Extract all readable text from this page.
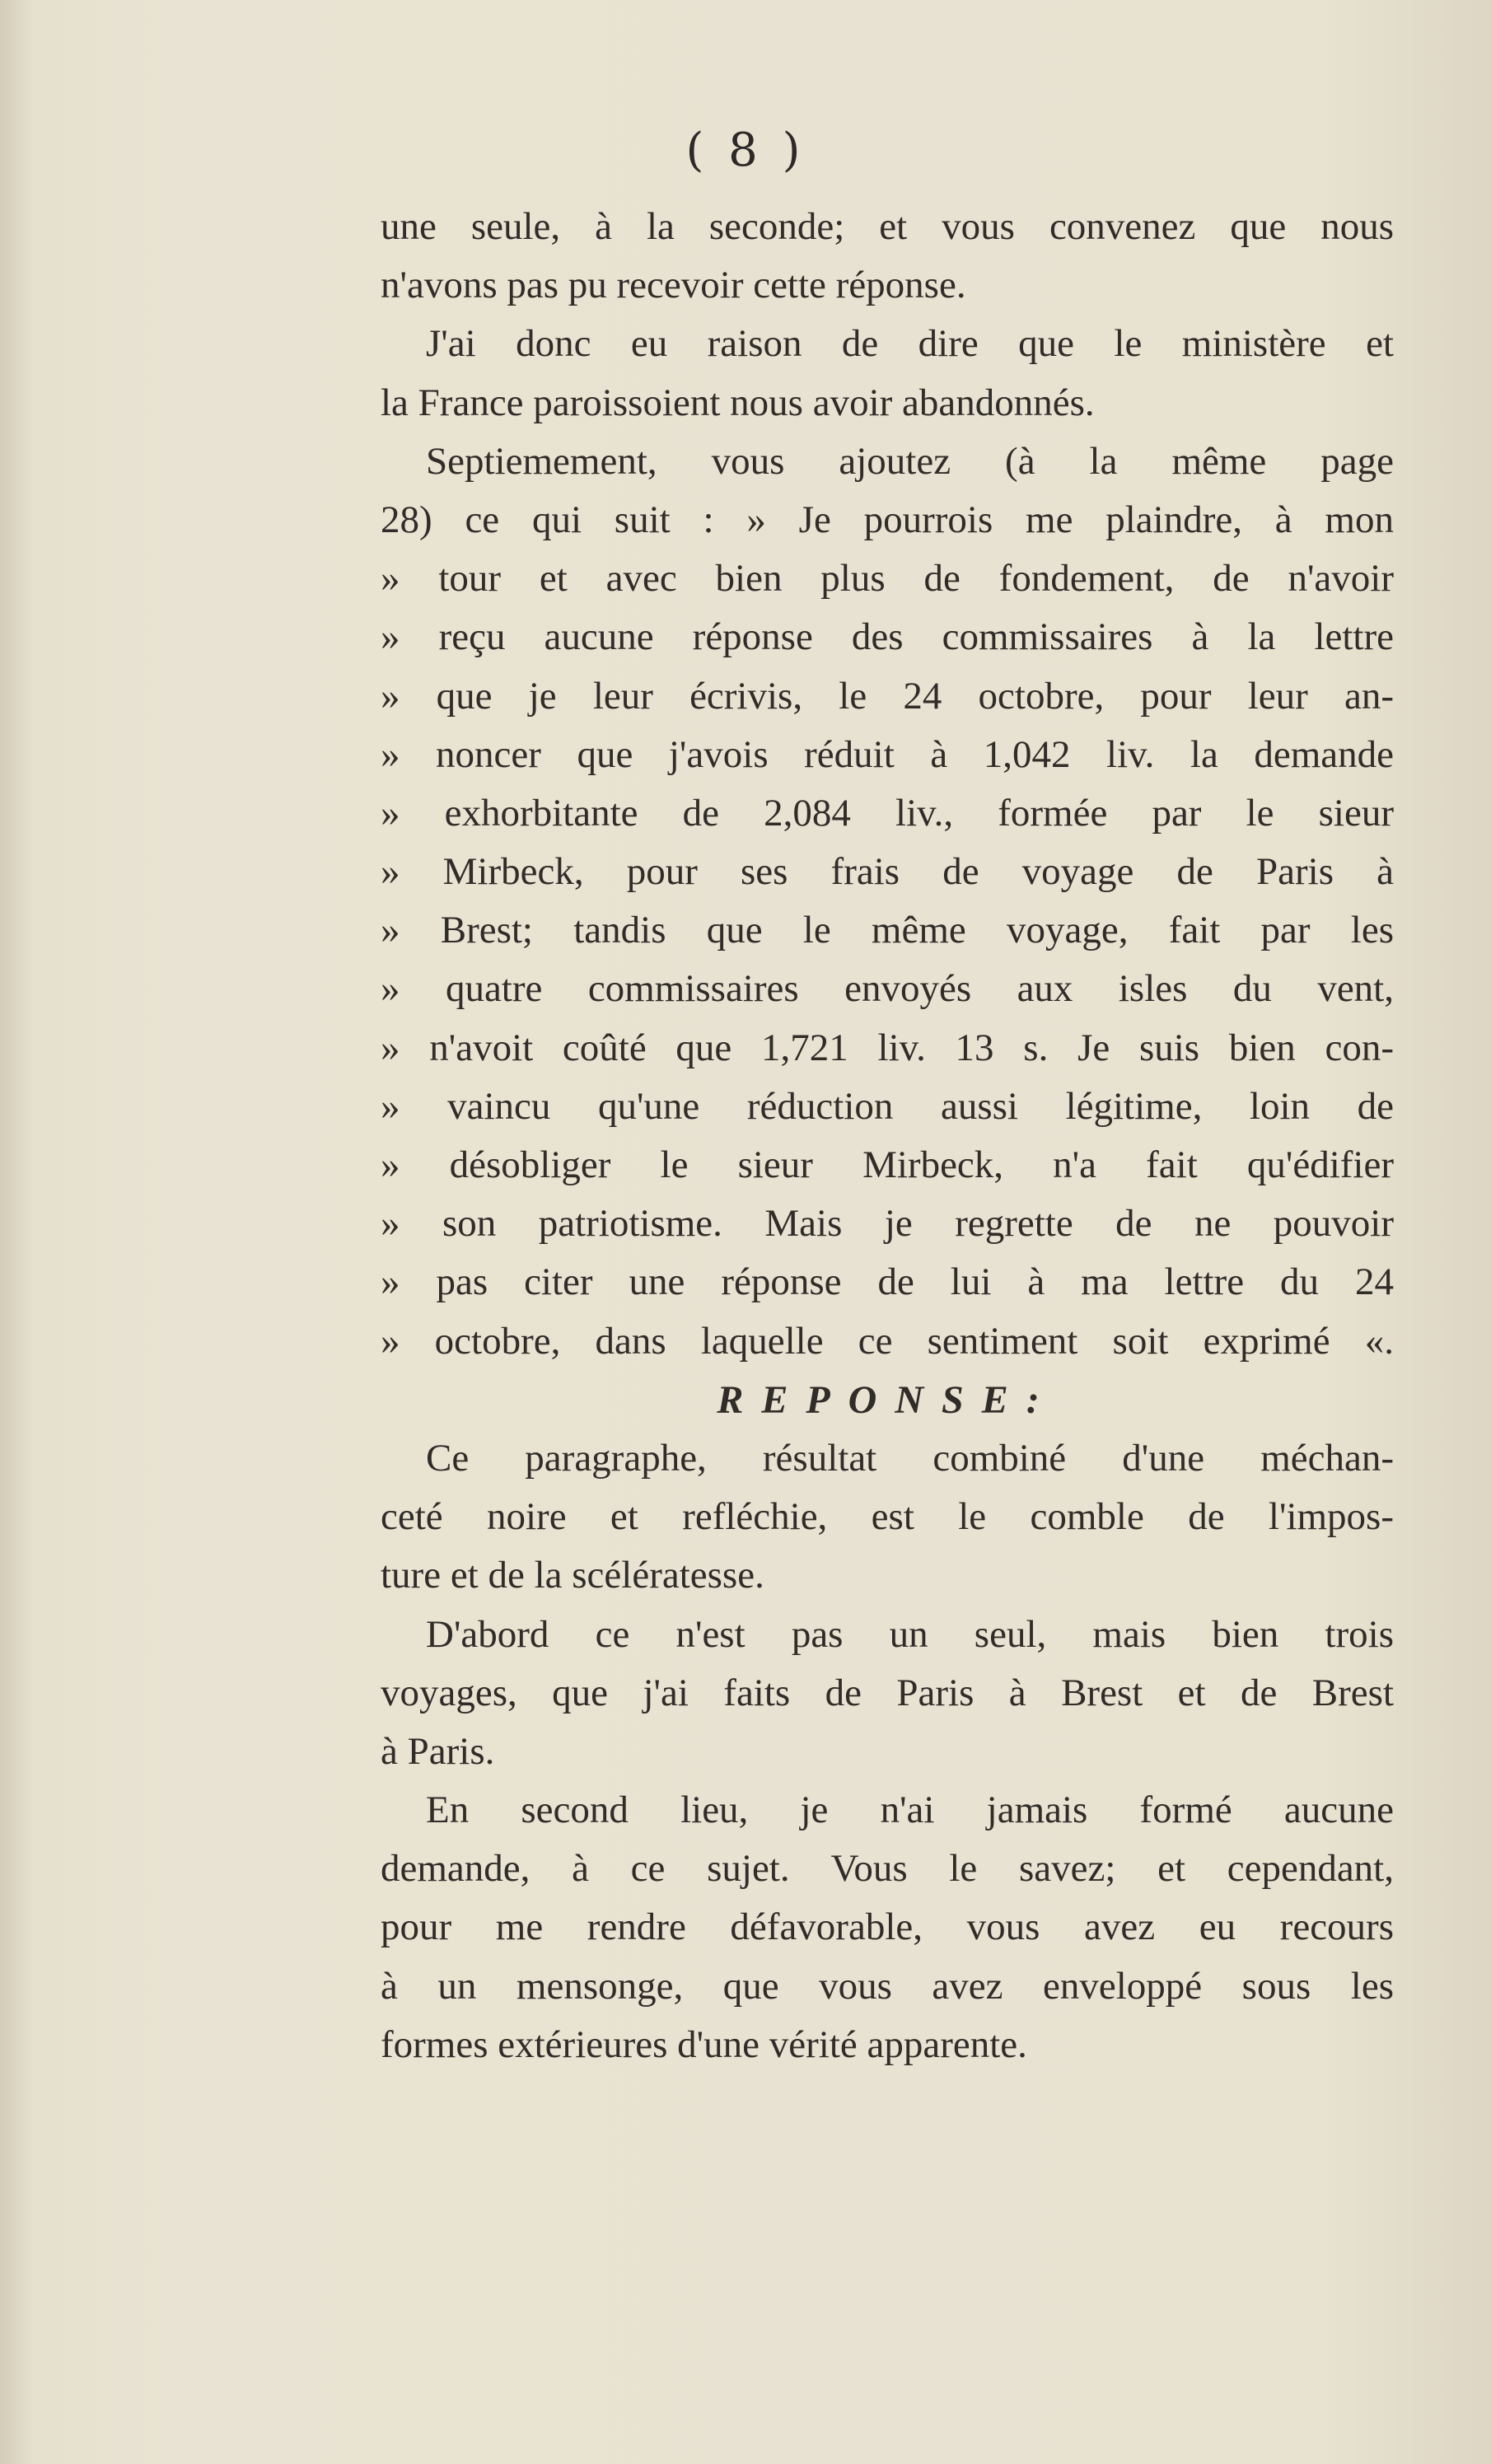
( 8 )
une seule, à la seconde; et vous convenez que nous
n'avons pas pu recevoir cette réponse.
J'ai donc eu raison de dire que le ministère et
la France paroissoient nous avoir abandonnés.
Septiemement, vous ajoutez (à la même page
28) ce qui suit : » Je pourrois me plaindre, à mon
» tour et avec bien plus de fondement, de n'avoir
» reçu aucune réponse des commissaires à la lettre
» que je leur écrivis, le 24 octobre, pour leur an-
» noncer que j'avois réduit à 1,042 liv. la demande
» exhorbitante de 2,084 liv., formée par le sieur
» Mirbeck, pour ses frais de voyage de Paris à
» Brest; tandis que le même voyage, fait par les
» quatre commissaires envoyés aux isles du vent,
» n'avoit coûté que 1,721 liv. 13 s. Je suis bien con-
» vaincu qu'une réduction aussi légitime, loin de
» désobliger le sieur Mirbeck, n'a fait qu'édifier
» son patriotisme. Mais je regrette de ne pouvoir
» pas citer une réponse de lui à ma lettre du 24
» octobre, dans laquelle ce sentiment soit exprimé «.
REPONSE:
Ce paragraphe, résultat combiné d'une méchan-
ceté noire et refléchie, est le comble de l'impos-
ture et de la scélératesse.
D'abord ce n'est pas un seul, mais bien trois
voyages, que j'ai faits de Paris à Brest et de Brest
à Paris.
En second lieu, je n'ai jamais formé aucune
demande, à ce sujet. Vous le savez; et cependant,
pour me rendre défavorable, vous avez eu recours
à un mensonge, que vous avez enveloppé sous les
formes extérieures d'une vérité apparente.
